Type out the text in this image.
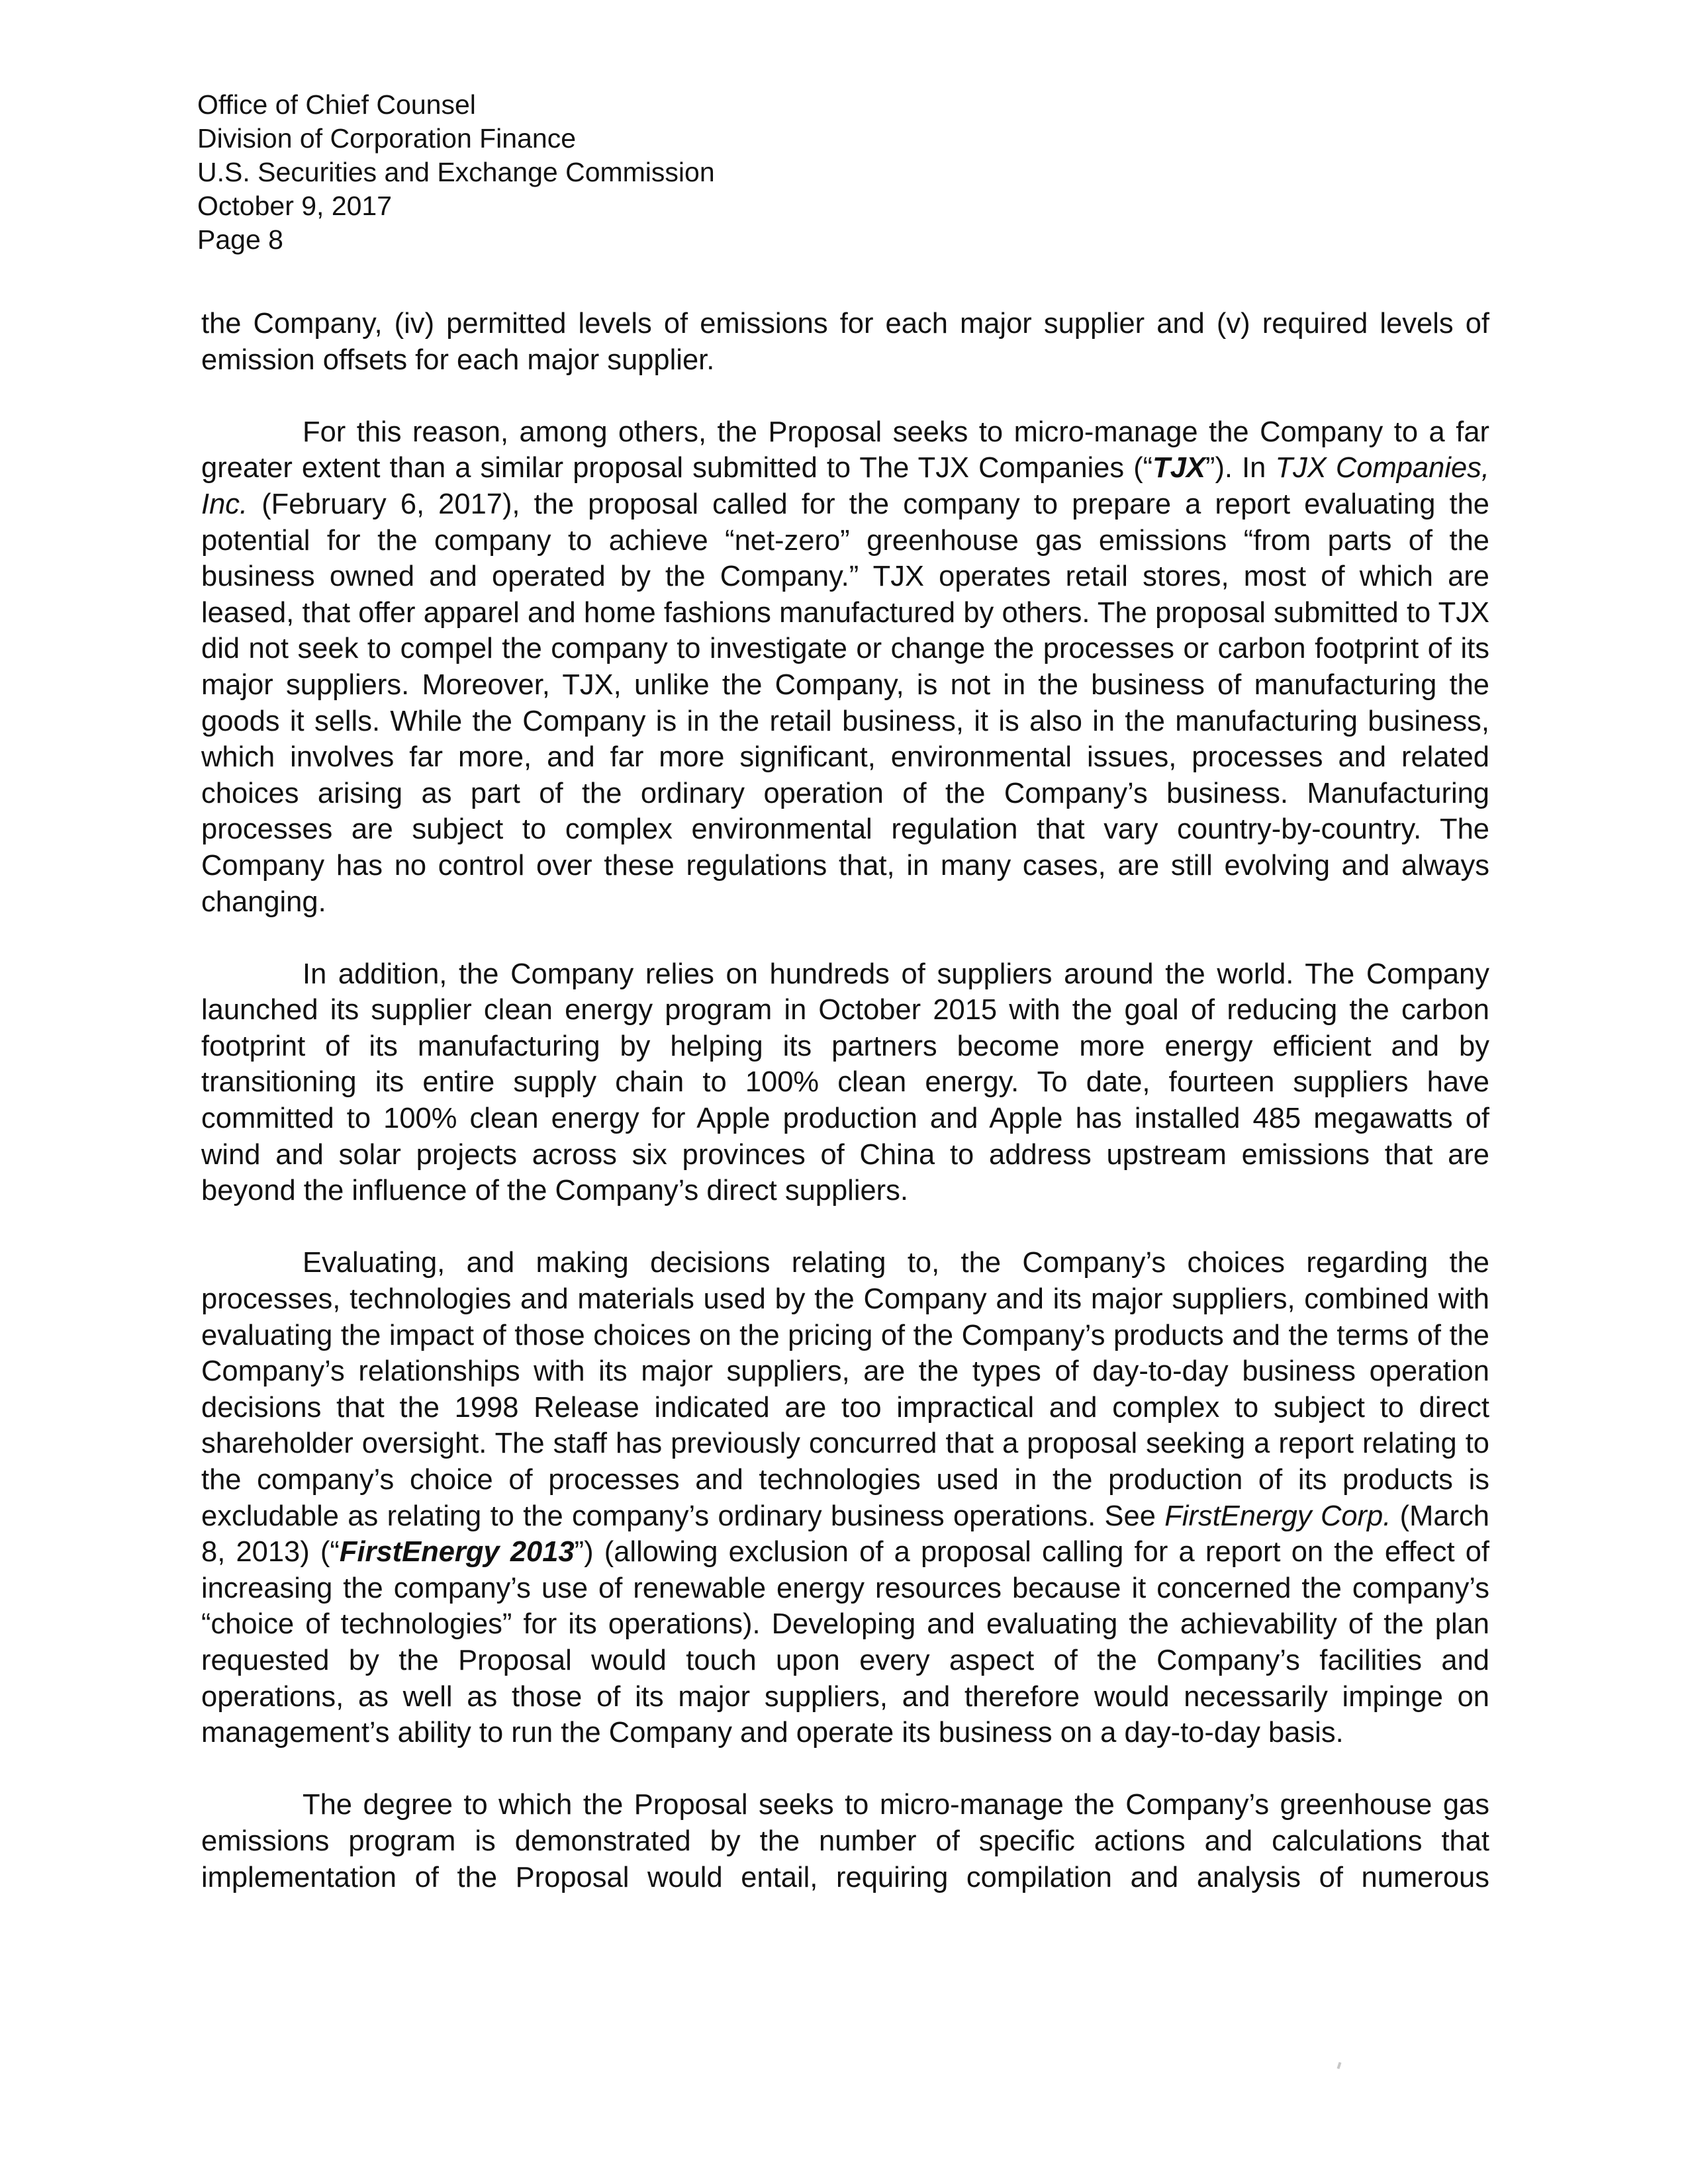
Office of Chief Counsel
Division of Corporation Finance
U.S. Securities and Exchange Commission
October 9, 2017
Page 8

the Company, (iv) permitted levels of emissions for each major supplier and (v) required levels of emission offsets for each major supplier.

For this reason, among others, the Proposal seeks to micro-manage the Company to a far greater extent than a similar proposal submitted to The TJX Companies (“TJX”). In TJX Companies, Inc. (February 6, 2017), the proposal called for the company to prepare a report evaluating the potential for the company to achieve “net-zero” greenhouse gas emissions “from parts of the business owned and operated by the Company.” TJX operates retail stores, most of which are leased, that offer apparel and home fashions manufactured by others. The proposal submitted to TJX did not seek to compel the company to investigate or change the processes or carbon footprint of its major suppliers. Moreover, TJX, unlike the Company, is not in the business of manufacturing the goods it sells. While the Company is in the retail business, it is also in the manufacturing business, which involves far more, and far more significant, environmental issues, processes and related choices arising as part of the ordinary operation of the Company’s business. Manufacturing processes are subject to complex environmental regulation that vary country-by-country. The Company has no control over these regulations that, in many cases, are still evolving and always changing.

In addition, the Company relies on hundreds of suppliers around the world. The Company launched its supplier clean energy program in October 2015 with the goal of reducing the carbon footprint of its manufacturing by helping its partners become more energy efficient and by transitioning its entire supply chain to 100% clean energy. To date, fourteen suppliers have committed to 100% clean energy for Apple production and Apple has installed 485 megawatts of wind and solar projects across six provinces of China to address upstream emissions that are beyond the influence of the Company’s direct suppliers.

Evaluating, and making decisions relating to, the Company’s choices regarding the processes, technologies and materials used by the Company and its major suppliers, combined with evaluating the impact of those choices on the pricing of the Company’s products and the terms of the Company’s relationships with its major suppliers, are the types of day-to-day business operation decisions that the 1998 Release indicated are too impractical and complex to subject to direct shareholder oversight. The staff has previously concurred that a proposal seeking a report relating to the company’s choice of processes and technologies used in the production of its products is excludable as relating to the company’s ordinary business operations. See FirstEnergy Corp. (March 8, 2013) (“FirstEnergy 2013”) (allowing exclusion of a proposal calling for a report on the effect of increasing the company’s use of renewable energy resources because it concerned the company’s “choice of technologies” for its operations). Developing and evaluating the achievability of the plan requested by the Proposal would touch upon every aspect of the Company’s facilities and operations, as well as those of its major suppliers, and therefore would necessarily impinge on management’s ability to run the Company and operate its business on a day-to-day basis.

The degree to which the Proposal seeks to micro-manage the Company’s greenhouse gas emissions program is demonstrated by the number of specific actions and calculations that implementation of the Proposal would entail, requiring compilation and analysis of numerous
